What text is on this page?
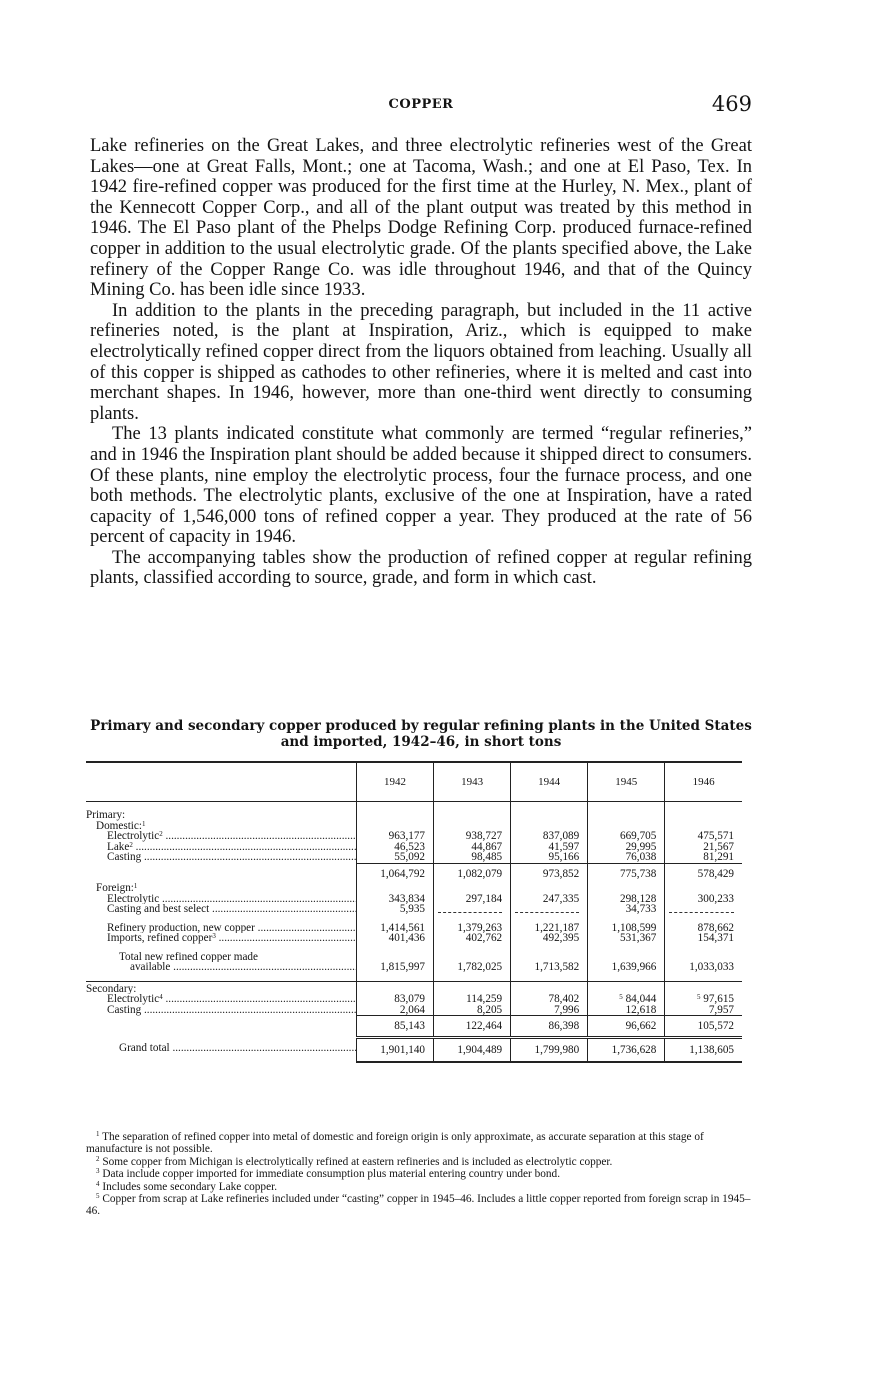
COPPER	469

Lake refineries on the Great Lakes, and three electrolytic refineries west of the Great Lakes—one at Great Falls, Mont.; one at Tacoma, Wash.; and one at El Paso, Tex. In 1942 fire-refined copper was produced for the first time at the Hurley, N. Mex., plant of the Kennecott Copper Corp., and all of the plant output was treated by this method in 1946. The El Paso plant of the Phelps Dodge Refining Corp. produced furnace-refined copper in addition to the usual electrolytic grade. Of the plants specified above, the Lake refinery of the Copper Range Co. was idle throughout 1946, and that of the Quincy Mining Co. has been idle since 1933.

In addition to the plants in the preceding paragraph, but included in the 11 active refineries noted, is the plant at Inspiration, Ariz., which is equipped to make electrolytically refined copper direct from the liquors obtained from leaching. Usually all of this copper is shipped as cathodes to other refineries, where it is melted and cast into merchant shapes. In 1946, however, more than one-third went directly to consuming plants.

The 13 plants indicated constitute what commonly are termed “regular refineries,” and in 1946 the Inspiration plant should be added because it shipped direct to consumers. Of these plants, nine employ the electrolytic process, four the furnace process, and one both methods. The electrolytic plants, exclusive of the one at Inspiration, have a rated capacity of 1,546,000 tons of refined copper a year. They produced at the rate of 56 percent of capacity in 1946.

The accompanying tables show the production of refined copper at regular refining plants, classified according to source, grade, and form in which cast.

Primary and secondary copper produced by regular refining plants in the United States and imported, 1942–46, in short tons
	1942	1943	1944	1945	1946

Primary:					
Domestic:$^1$					
Electrolytic$^2$ .....	963,177	938,727	837,089	669,705	475,571
Lake$^2$ .....	46,523	44,867	41,597	29,995	21,567
Casting .....	55,092	98,485	95,166	76,038	81,291
	1,064,792	1,082,079	973,852	775,738	578,429
Foreign:$^1$					
Electrolytic .....	343,834	297,184	247,335	298,128	300,233
Casting and best select .....	5,935			34,733	

Refinery production, new copper .....	1,414,561	1,379,263	1,221,187	1,108,599	878,662
Imports, refined copper$^3$ .....	401,436	402,762	492,395	531,367	154,371

Total new refined copper made					
available .....	1,815,997	1,782,025	1,713,582	1,639,966	1,033,033

Secondary:					
Electrolytic$^4$ .....	83,079	114,259	78,402	$^5$ 84,044	$^5$ 97,615
Casting .....	2,064	8,205	7,996	12,618	7,957
	85,143	122,464	86,398	96,662	105,572
Grand total .....	1,901,140	1,904,489	1,799,980	1,736,628	1,138,605

$^1$ The separation of refined copper into metal of domestic and foreign origin is only approximate, as accurate separation at this stage of manufacture is not possible.

$^2$ Some copper from Michigan is electrolytically refined at eastern refineries and is included as electrolytic copper.

$^3$ Data include copper imported for immediate consumption plus material entering country under bond.

$^4$ Includes some secondary Lake copper.

$^5$ Copper from scrap at Lake refineries included under “casting” copper in 1945–46. Includes a little copper reported from foreign scrap in 1945–46.
